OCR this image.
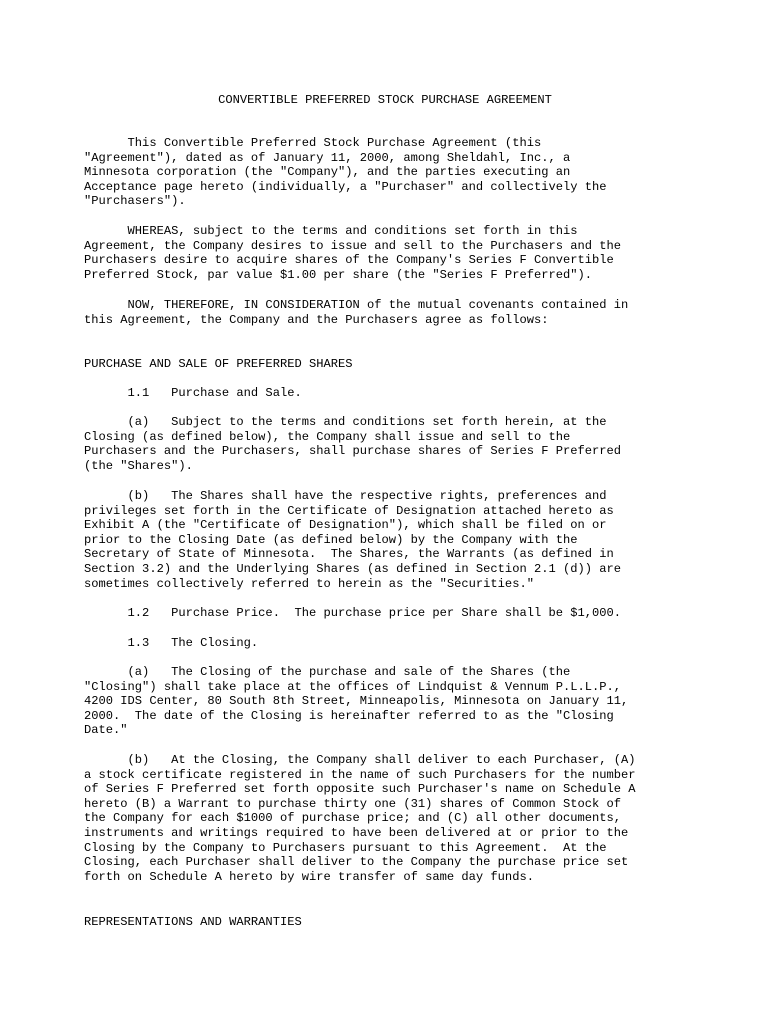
CONVERTIBLE PREFERRED STOCK PURCHASE AGREEMENT

This Convertible Preferred Stock Purchase Agreement (this
"Agreement"), dated as of January 11, 2000, among Sheldahl, Inc., a
Minnesota corporation (the "Company"), and the parties executing an
Acceptance page hereto (individually, a "Purchaser" and collectively the
"Purchasers").

WHEREAS, subject to the terms and conditions set forth in this
Agreement, the Company desires to issue and sell to the Purchasers and the
Purchasers desire to acquire shares of the Company's Series F Convertible
Preferred Stock, par value $1.00 per share (the "Series F Preferred").

NOW, THEREFORE, IN CONSIDERATION of the mutual covenants contained in
this Agreement, the Company and the Purchasers agree as follows:

PURCHASE AND SALE OF PREFERRED SHARES

1.1   Purchase and Sale.

(a)   Subject to the terms and conditions set forth herein, at the
Closing (as defined below), the Company shall issue and sell to the
Purchasers and the Purchasers, shall purchase shares of Series F Preferred
(the "Shares").

(b)   The Shares shall have the respective rights, preferences and
privileges set forth in the Certificate of Designation attached hereto as
Exhibit A (the "Certificate of Designation"), which shall be filed on or
prior to the Closing Date (as defined below) by the Company with the
Secretary of State of Minnesota.  The Shares, the Warrants (as defined in
Section 3.2) and the Underlying Shares (as defined in Section 2.1 (d)) are
sometimes collectively referred to herein as the "Securities."

1.2   Purchase Price.  The purchase price per Share shall be $1,000.

1.3   The Closing.

(a)   The Closing of the purchase and sale of the Shares (the
"Closing") shall take place at the offices of Lindquist & Vennum P.L.L.P.,
4200 IDS Center, 80 South 8th Street, Minneapolis, Minnesota on January 11,
2000.  The date of the Closing is hereinafter referred to as the "Closing
Date."

(b)   At the Closing, the Company shall deliver to each Purchaser, (A)
a stock certificate registered in the name of such Purchasers for the number
of Series F Preferred set forth opposite such Purchaser's name on Schedule A
hereto (B) a Warrant to purchase thirty one (31) shares of Common Stock of
the Company for each $1000 of purchase price; and (C) all other documents,
instruments and writings required to have been delivered at or prior to the
Closing by the Company to Purchasers pursuant to this Agreement.  At the
Closing, each Purchaser shall deliver to the Company the purchase price set
forth on Schedule A hereto by wire transfer of same day funds.

REPRESENTATIONS AND WARRANTIES
